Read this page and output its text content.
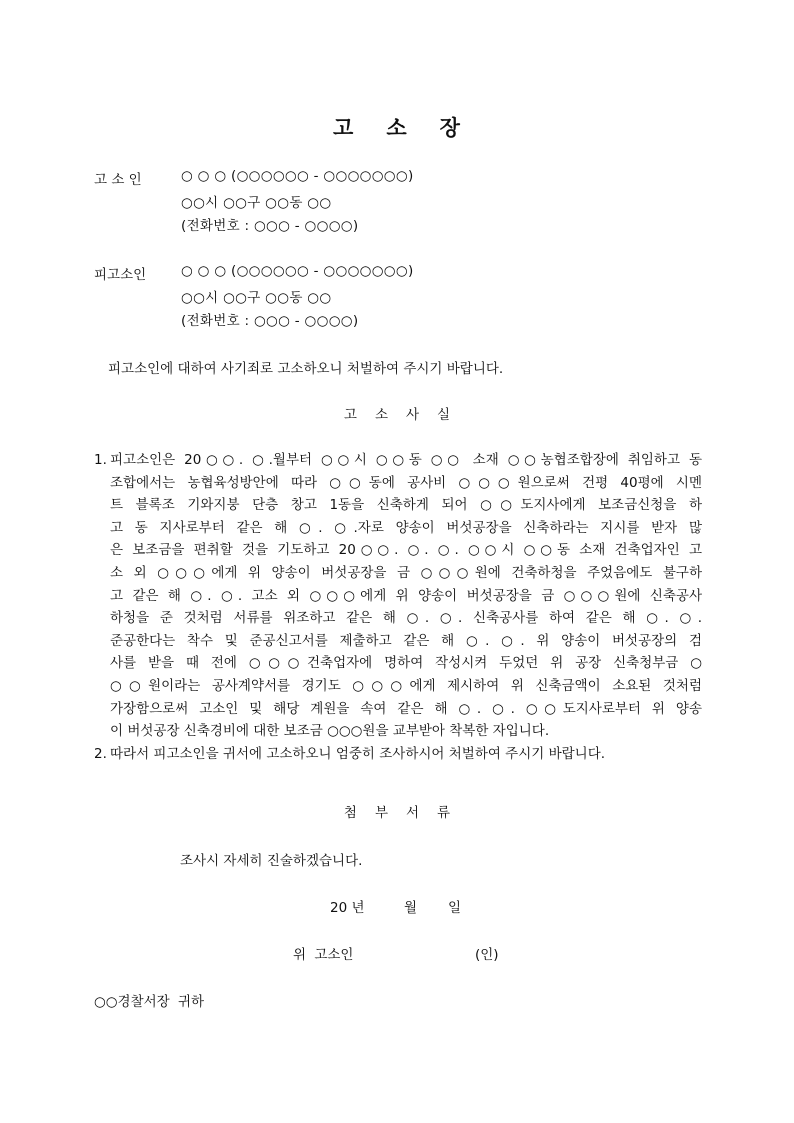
고 소 장
고 소 인	○ ○ ○ (○○○○○○ - ○○○○○○○)
○○시 ○○구 ○○동 ○○
(전화번호 : ○○○ - ○○○○)
피고소인	○ ○ ○ (○○○○○○ - ○○○○○○○)
○○시 ○○구 ○○동 ○○
(전화번호 : ○○○ - ○○○○)
피고소인에 대하여 사기죄로 고소하오니 처벌하여 주시기 바랍니다.
고 소 사 실
1. 피고소인은 20○○. ○.월부터 ○○시 ○○동 ○○ 소재 ○○농협조합장에 취임하고 동
조합에서는 농협육성방안에 따라 ○○동에 공사비 ○○○원으로써 건평 40평에 시멘
트 블록조 기와지붕 단층 창고 1동을 신축하게 되어 ○○도지사에게 보조금신청을 하
고 동 지사로부터 같은 해 ○. ○.자로 양송이 버섯공장을 신축하라는 지시를 받자 많
은 보조금을 편취할 것을 기도하고 20○○. ○. ○. ○○시 ○○동 소재 건축업자인 고
소 외 ○○○에게 위 양송이 버섯공장을 금 ○○○원에 건축하청을 주었음에도 불구하
고 같은 해 ○. ○. 고소 외 ○○○에게 위 양송이 버섯공장을 금 ○○○원에 신축공사
하청을 준 것처럼 서류를 위조하고 같은 해 ○. ○. 신축공사를 하여 같은 해 ○. ○.
준공한다는 착수 및 준공신고서를 제출하고 같은 해 ○. ○. 위 양송이 버섯공장의 검
사를 받을 때 전에 ○○○건축업자에 명하여 작성시켜 두었던 위 공장 신축청부금 ○
○○원이라는 공사계약서를 경기도 ○○○에게 제시하여 위 신축금액이 소요된 것처럼
가장함으로써 고소인 및 해당 계원을 속여 같은 해 ○. ○. ○○도지사로부터 위 양송
이 버섯공장 신축경비에 대한 보조금 ○○○원을 교부받아 착복한 자입니다.
2. 따라서 피고소인을 귀서에 고소하오니 엄중히 조사하시어 처벌하여 주시기 바랍니다.
첨 부 서 류
조사시 자세히 진술하겠습니다.
20 년	월 일
위 고소인	(인)
○○경찰서장 귀하
